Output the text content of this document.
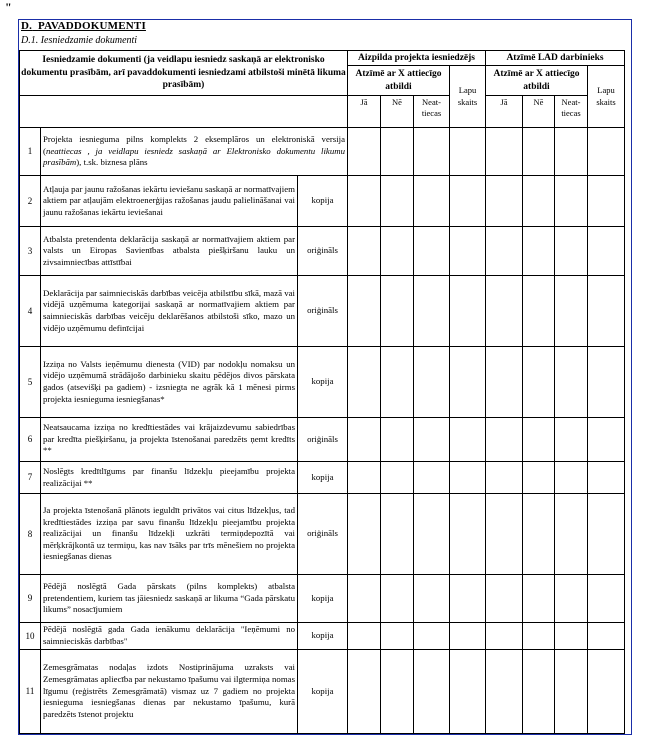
"
D. PAVADDOKUMENTI
D.1. Iesniedzamie dokumenti
Iesniedzamie dokumenti (ja veidlapu iesniedz saskaņā ar elektronisko dokumentu prasībām, arī pavaddokumenti iesniedzami atbilstoši minētā likuma prasībām)			Aizpilda projekta iesniedzējs				Atzīmē LAD darbinieks			
			Atzīmē ar X attiecīgo atbildi			Lapu skaits	Atzīmē ar X attiecīgo atbildi			Lapu skaits

			Jā	Nē	Neat-tiecas		Jā	Nē	Neat-tiecas	
1	Projekta iesnieguma pilns komplekts 2 eksemplāros un elektroniskā versija (neattiecas , ja veidlapu iesniedz saskaņā ar Elektronisko dokumentu likumu prasībām), t.sk. biznesa plāns									
2	Atļauja par jaunu ražošanas iekārtu ieviešanu saskaņā ar normatīvajiem aktiem par atļaujām elektroenerģijas ražošanas jaudu palielināšanai vai jaunu ražošanas iekārtu ieviešanai	kopija								
3	Atbalsta pretendenta deklarācija saskaņā ar normatīvajiem aktiem par valsts un Eiropas Savienības atbalsta piešķiršanu lauku un zivsaimniecības attīstībai	oriģināls								
4	Deklarācija par saimnieciskās darbības veicēja atbilstību sīkā, mazā vai vidējā uzņēmuma kategorijai saskaņā ar normatīvajiem aktiem par saimnieciskās darbības veicēju deklarēšanos atbilstoši sīko, mazo un vidējo uzņēmumu definīcijai	oriģināls								
5	Izziņa no Valsts ieņēmumu dienesta (VID) par nodokļu nomaksu un vidējo uzņēmumā strādājošo darbinieku skaitu pēdējos divos pārskata gados (atsevišķi pa gadiem) - izsniegta ne agrāk kā 1 mēnesi pirms projekta iesnieguma iesniegšanas*	kopija								
6	Neatsaucama izziņa no kredītiestādes vai krājaizdevumu sabiedrības par kredīta piešķiršanu, ja projekta īstenošanai paredzēts ņemt kredīts **	oriģināls								
7	Noslēgts kredītlīgums par finanšu līdzekļu pieejamību projekta realizācijai **	kopija								
8	Ja projekta īstenošanā plānots ieguldīt privātos vai citus līdzekļus, tad kredītiestādes izziņa par savu finanšu līdzekļu pieejamību projekta realizācijai un finanšu līdzekļi uzkrāti termiņdepozītā vai mērķkrājkontā uz termiņu, kas nav īsāks par trīs mēnešiem no projekta iesniegšanas dienas	oriģināls								
9	Pēdējā noslēgtā Gada pārskats (pilns komplekts) atbalsta pretendentiem, kuriem tas jāiesniedz saskaņā ar likuma “Gada pārskatu likums” nosacījumiem	kopija								
10	Pēdējā noslēgtā gada Gada ienākumu deklarācija "Ieņēmumi no saimnieciskās darbības"	kopija								
11	Zemesgrāmatas nodaļas izdots Nostiprinājuma uzraksts vai Zemesgrāmatas apliecība par nekustamo īpašumu vai ilgtermiņa nomas līgumu (reģistrēts Zemesgrāmatā) vismaz uz 7 gadiem no projekta iesnieguma iesniegšanas dienas par nekustamo īpašumu, kurā paredzēts īstenot projektu	kopija								
